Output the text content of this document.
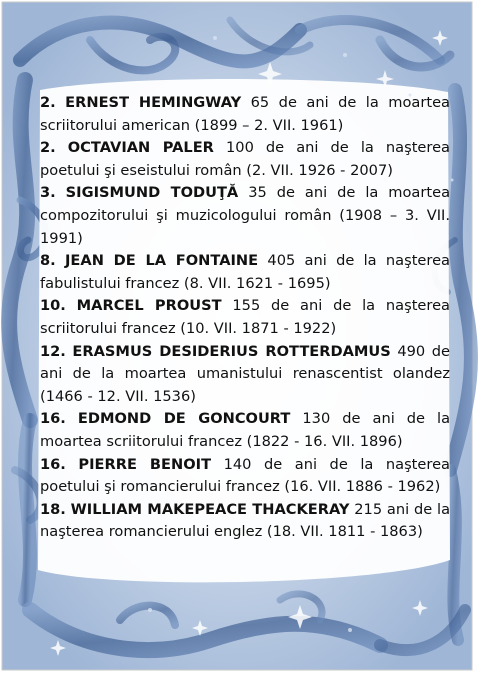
2. ERNEST HEMINGWAY 65 de ani de la moartea scriitorului american (1899 – 2. VII. 1961)

2. OCTAVIAN PALER 100 de ani de la naşterea poetului şi eseistului român (2. VII. 1926 - 2007)

3. SIGISMUND TODUŢĂ 35 de ani de la moartea compozitorului şi muzicologului român (1908 – 3. VII. 1991)

8. JEAN DE LA FONTAINE 405 ani de la naşterea fabulistului francez (8. VII. 1621 - 1695)

10. MARCEL PROUST 155 de ani de la naşterea scriitorului francez (10. VII. 1871 - 1922)

12. ERASMUS DESIDERIUS ROTTERDAMUS 490 de ani de la moartea umanistului renascentist olandez (1466 - 12. VII. 1536)

16. EDMOND DE GONCOURT 130 de ani de la moartea scriitorului francez (1822 - 16. VII. 1896)

16. PIERRE BENOIT 140 de ani de la naşterea poetului şi romancierului francez (16. VII. 1886 - 1962)

18. WILLIAM MAKEPEACE THACKERAY 215 ani de la naşterea romancierului englez (18. VII. 1811 - 1863)
